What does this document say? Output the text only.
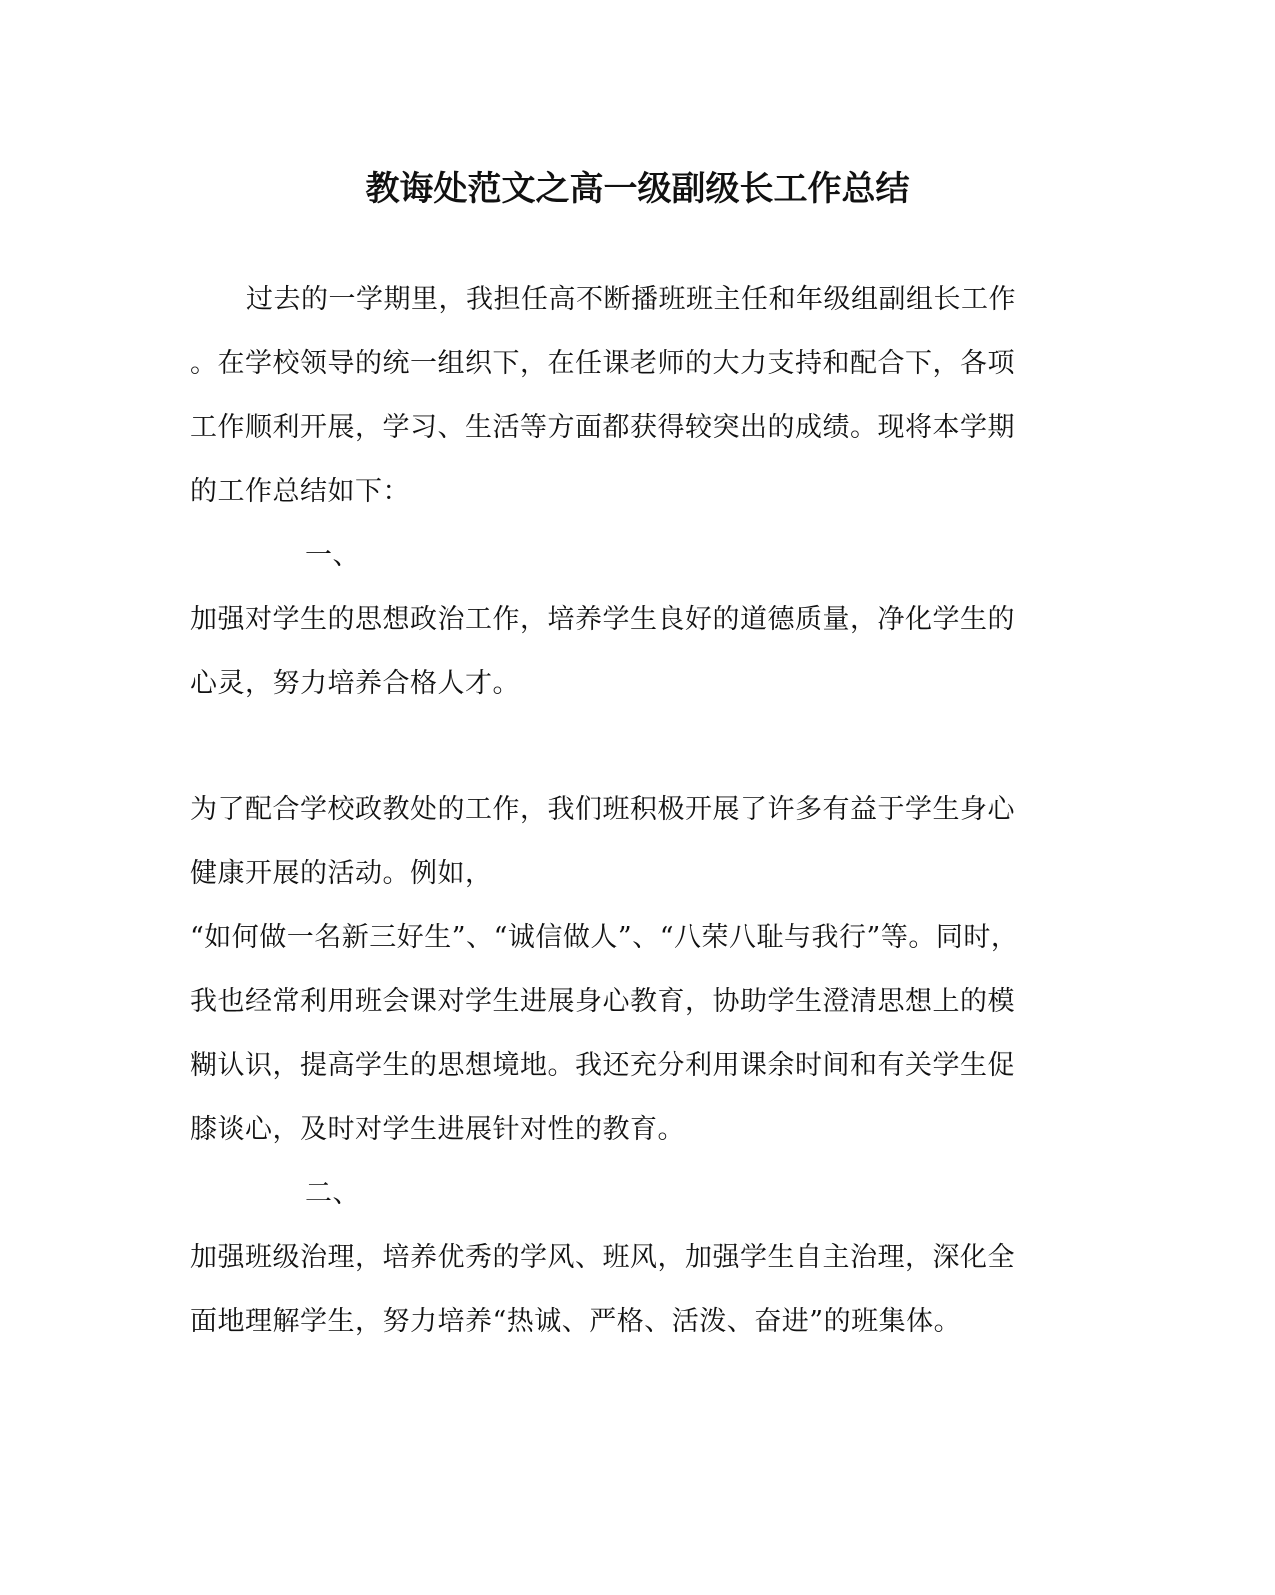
教诲处范文之高一级副级长工作总结
过去的一学期里，我担任高不断播班班主任和年级组副组长工作
。在学校领导的统一组织下，在任课老师的大力支持和配合下，各项
工作顺利开展，学习、生活等方面都获得较突出的成绩。现将本学期
的工作总结如下：
一、
加强对学生的思想政治工作，培养学生良好的道德质量，净化学生的
心灵，努力培养合格人才。
为了配合学校政教处的工作，我们班积极开展了许多有益于学生身心
健康开展的活动。例如，
“如何做一名新三好生”、“诚信做人”、“八荣八耻与我行”等。同时，
我也经常利用班会课对学生进展身心教育，协助学生澄清思想上的模
糊认识，提高学生的思想境地。我还充分利用课余时间和有关学生促
膝谈心，及时对学生进展针对性的教育。
二、
加强班级治理，培养优秀的学风、班风，加强学生自主治理，深化全
面地理解学生，努力培养“热诚、严格、活泼、奋进”的班集体。
